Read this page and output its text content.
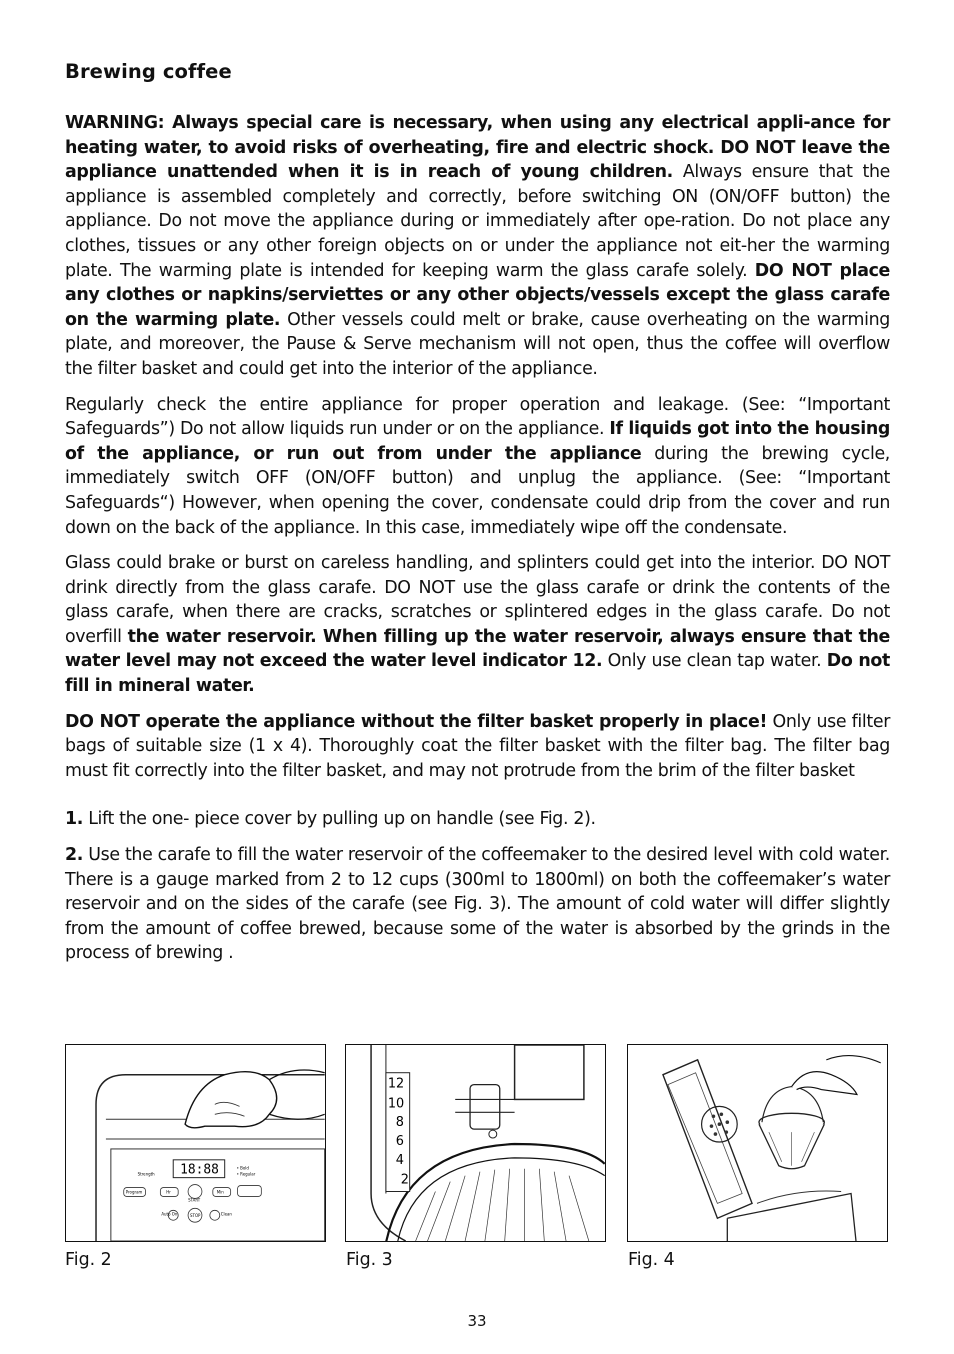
Brewing coffee

WARNING: Always special care is necessary, when using any electrical appli-ance for heating water, to avoid risks of overheating, fire and electric shock. DO NOT leave the appliance unattended when it is in reach of young children. Always ensure that the appliance is assembled completely and correctly, before switching ON (ON/OFF button) the appliance. Do not move the appliance during or immediately after ope-ration. Do not place any clothes, tissues or any other foreign objects on or under the appliance not eit-her the warming plate. The warming plate is intended for keeping warm the glass carafe solely. DO NOT place any clothes or napkins/serviettes or any other objects/vessels except the glass carafe on the warming plate. Other vessels could melt or brake, cause overheating on the warming plate, and moreover, the Pause & Serve mechanism will not open, thus the coffee will overflow the filter basket and could get into the interior of the appliance.

Regularly check the entire appliance for proper operation and leakage. (See: “Important Safeguards”) Do not allow liquids run under or on the appliance. If liquids got into the housing of the appliance, or run out from under the appliance during the brewing cycle, immediately switch OFF (ON/OFF button) and unplug the appliance. (See: “Important Safeguards“) However, when opening the cover, condensate could drip from the cover and run down on the back of the appliance. In this case, immediately wipe off the condensate.

Glass could brake or burst on careless handling, and splinters could get into the interior. DO NOT drink directly from the glass carafe. DO NOT use the glass carafe or drink the contents of the glass carafe, when there are cracks, scratches or splintered edges in the glass carafe. Do not overfill the water reservoir. When filling up the water reservoir, always ensure that the water level may not exceed the water level indicator 12. Only use clean tap water. Do not fill in mineral water.

DO NOT operate the appliance without the filter basket properly in place! Only use filter bags of suitable size (1 x 4). Thoroughly coat the filter basket with the filter bag. The filter bag must fit correctly into the filter basket, and may not protrude from the brim of the filter basket

1. Lift the one- piece cover by pulling up on handle (see Fig. 2).

2. Use the carafe to fill the water reservoir of the coffeemaker to the desired level with cold water. There is a gauge marked from 2 to 12 cups (300ml to 1800ml) on both the coffeemaker’s water reservoir and on the sides of the carafe (see Fig. 3). The amount of cold water will differ slightly from the amount of coffee brewed, because some of the water is absorbed by the grinds in the process of brewing .

18:88
Strength
• Bold
• Regular
Program	Hr
START
Min
Auto On	STOP	Clean
12
10
8
6
4
2
Fig. 2	Fig. 3	Fig. 4
33
